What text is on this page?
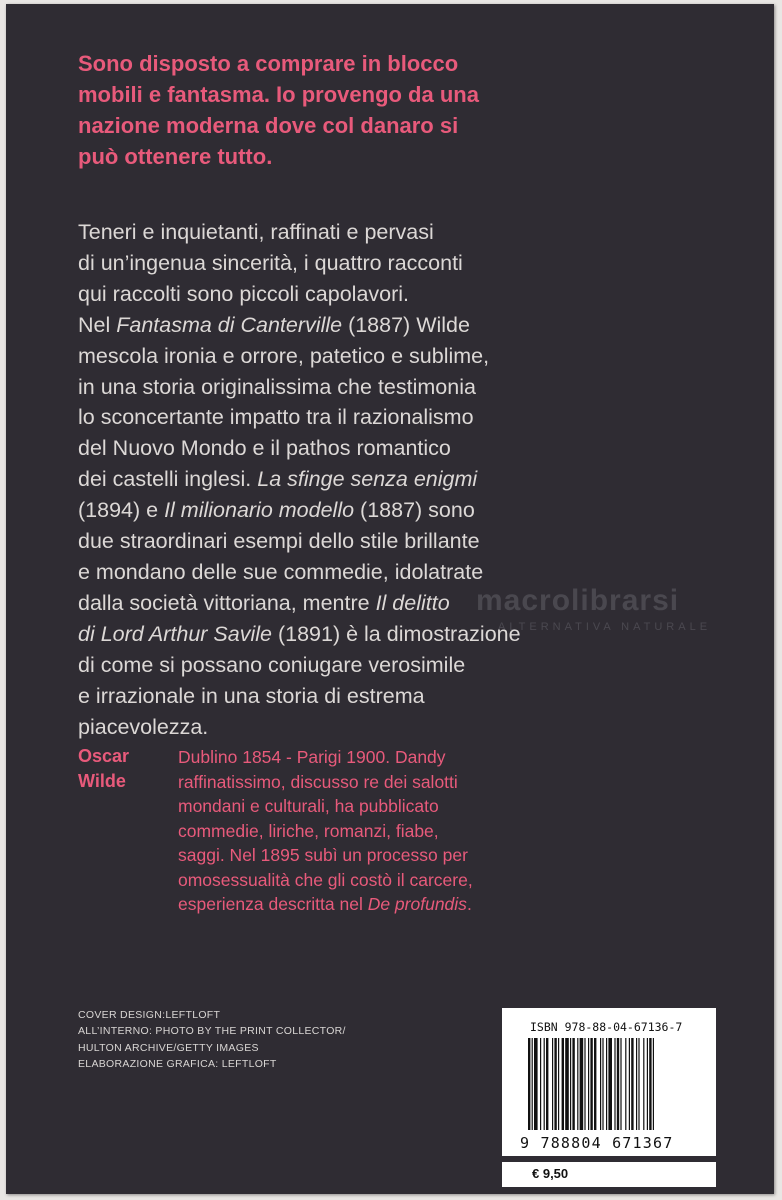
Sono disposto a comprare in blocco
mobili e fantasma. Io provengo da una
nazione moderna dove col danaro si
può ottenere tutto.

Teneri e inquietanti, raffinati e pervasi
di un’ingenua sincerità, i quattro racconti
qui raccolti sono piccoli capolavori.
Nel Fantasma di Canterville (1887) Wilde
mescola ironia e orrore, patetico e sublime,
in una storia originalissima che testimonia
lo sconcertante impatto tra il razionalismo
del Nuovo Mondo e il pathos romantico
dei castelli inglesi. La sfinge senza enigmi
(1894) e Il milionario modello (1887) sono
due straordinari esempi dello stile brillante
e mondano delle sue commedie, idolatrate
dalla società vittoriana, mentre Il delitto
di Lord Arthur Savile (1891) è la dimostrazione
di come si possano coniugare verosimile
e irrazionale in una storia di estrema
piacevolezza.

macrolibrarsi
ALTERNATIVA NATURALE
Oscar
Wilde
Dublino 1854 - Parigi 1900. Dandy
raffinatissimo, discusso re dei salotti
mondani e culturali, ha pubblicato
commedie, liriche, romanzi, fiabe,
saggi. Nel 1895 subì un processo per
omosessualità che gli costò il carcere,
esperienza descritta nel De profundis.
COVER DESIGN:LEFTLOFT
ALL’INTERNO: PHOTO BY THE PRINT COLLECTOR/
HULTON ARCHIVE/GETTY IMAGES
ELABORAZIONE GRAFICA: LEFTLOFT
ISBN 978-88-04-67136-7
9 788804 671367
€ 9,50
